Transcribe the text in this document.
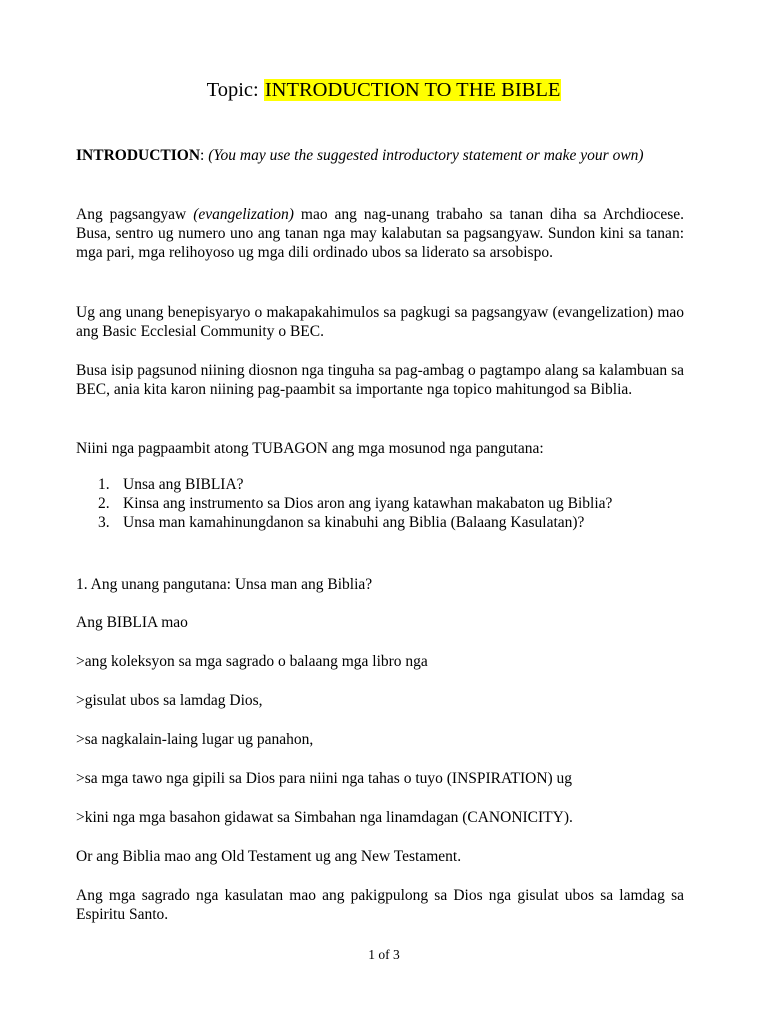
Topic: INTRODUCTION TO THE BIBLE

INTRODUCTION: (You may use the suggested introductory statement or make your own)

Ang pagsangyaw (evangelization) mao ang nag-unang trabaho sa tanan diha sa Archdiocese. Busa, sentro ug numero uno ang tanan nga may kalabutan sa pagsangyaw. Sundon kini sa tanan: mga pari, mga relihoyoso ug mga dili ordinado ubos sa liderato sa arsobispo.

Ug ang unang benepisyaryo o makapakahimulos sa pagkugi sa pagsangyaw (evangelization) mao ang Basic Ecclesial Community o BEC.

Busa isip pagsunod niining diosnon nga tinguha sa pag-ambag o pagtampo alang sa kalambuan sa BEC, ania kita karon niining pag-paambit sa importante nga topico mahitungod sa Biblia.

Niini nga pagpaambit atong TUBAGON ang mga mosunod nga pangutana:

1. Unsa ang BIBLIA?

2. Kinsa ang instrumento sa Dios aron ang iyang katawhan makabaton ug Biblia?

3. Unsa man kamahinungdanon sa kinabuhi ang Biblia (Balaang Kasulatan)?

1. Ang unang pangutana: Unsa man ang Biblia?

Ang BIBLIA mao

>ang koleksyon sa mga sagrado o balaang mga libro nga

>gisulat ubos sa lamdag Dios,

>sa nagkalain-laing lugar ug panahon,

>sa mga tawo nga gipili sa Dios para niini nga tahas o tuyo (INSPIRATION) ug

>kini nga mga basahon gidawat sa Simbahan nga linamdagan (CANONICITY).

Or ang Biblia mao ang Old Testament ug ang New Testament.

Ang mga sagrado nga kasulatan mao ang pakigpulong sa Dios nga gisulat ubos sa lamdag sa Espiritu Santo.

1 of 3
